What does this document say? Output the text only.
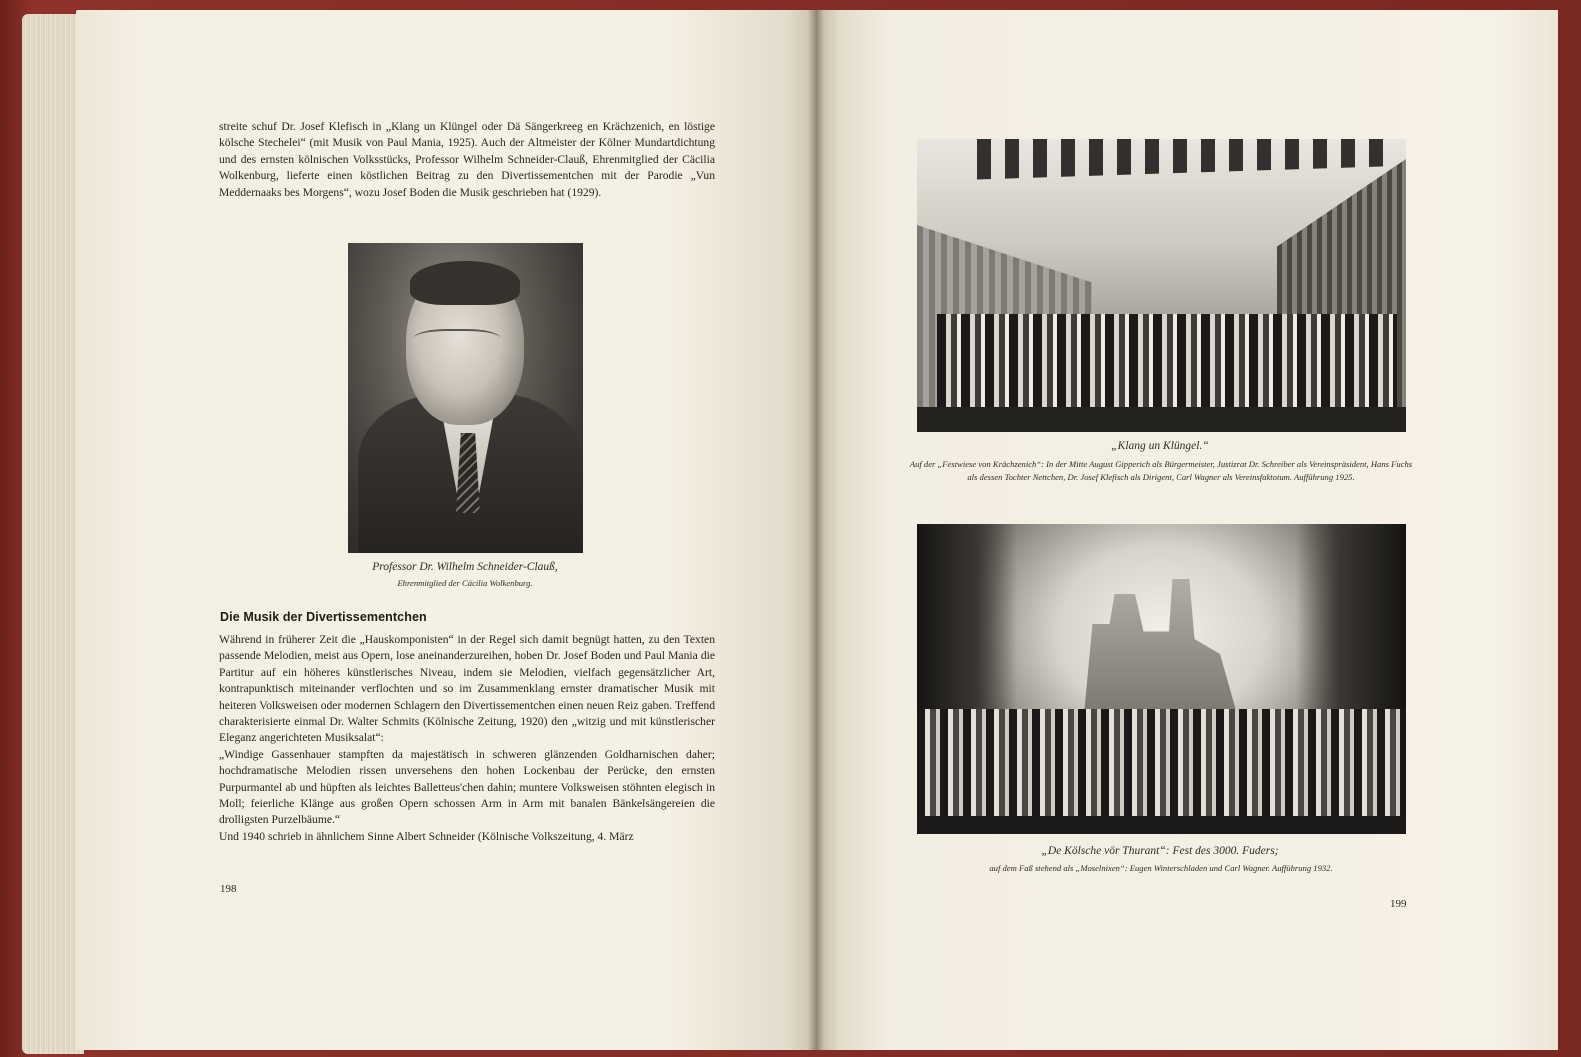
streite schuf Dr. Josef Klefisch in „Klang un Klüngel oder Dä Sängerkreeg en Krächzenich, en löstige kölsche Stechelei“ (mit Musik von Paul Mania, 1925). Auch der Altmeister der Kölner Mundartdichtung und des ernsten kölnischen Volksstücks, Professor Wilhelm Schneider-Clauß, Ehrenmitglied der Cäcilia Wolkenburg, lieferte einen köstlichen Beitrag zu den Divertissementchen mit der Parodie „Vun Meddernaaks bes Morgens“, wozu Josef Boden die Musik geschrieben hat (1929).

Professor Dr. Wilhelm Schneider-Clauß,
Ehrenmitglied der Cäcilia Wolkenburg.
Die Musik der Divertissementchen

Während in früherer Zeit die „Hauskomponisten“ in der Regel sich damit begnügt hatten, zu den Texten passende Melodien, meist aus Opern, lose aneinanderzureihen, hoben Dr. Josef Boden und Paul Mania die Partitur auf ein höheres künstlerisches Niveau, indem sie Melodien, vielfach gegensätzlicher Art, kontrapunktisch miteinander verflochten und so im Zusammenklang ernster dramatischer Musik mit heiteren Volksweisen oder modernen Schlagern den Divertissementchen einen neuen Reiz gaben. Treffend charakterisierte einmal Dr. Walter Schmits (Kölnische Zeitung, 1920) den „witzig und mit künstlerischer Eleganz angerichteten Musiksalat“:

„Windige Gassenhauer stampften da majestätisch in schweren glänzenden Goldharnischen daher; hochdramatische Melodien rissen unversehens den hohen Lockenbau der Perücke, den ernsten Purpurmantel ab und hüpften als leichtes Balletteus'chen dahin; muntere Volksweisen stöhnten elegisch in Moll; feierliche Klänge aus großen Opern schossen Arm in Arm mit banalen Bänkelsängereien die drolligsten Purzelbäume.“

Und 1940 schrieb in ähnlichem Sinne Albert Schneider (Kölnische Volkszeitung, 4. März

198
„Klang un Klüngel.“
Auf der „Festwiese von Krächzenich“: In der Mitte August Gipperich als Bürgermeister, Justizrat Dr. Schreiber als Vereinspräsident, Hans Fuchs als dessen Tochter Nettchen, Dr. Josef Klefisch als Dirigent, Carl Wagner als Vereinsfaktotum. Aufführung 1925.
„De Kölsche vör Thurant“: Fest des 3000. Fuders;
auf dem Faß stehend als „Moselnixen“: Eugen Winterschladen und Carl Wagner. Aufführung 1932.
199
